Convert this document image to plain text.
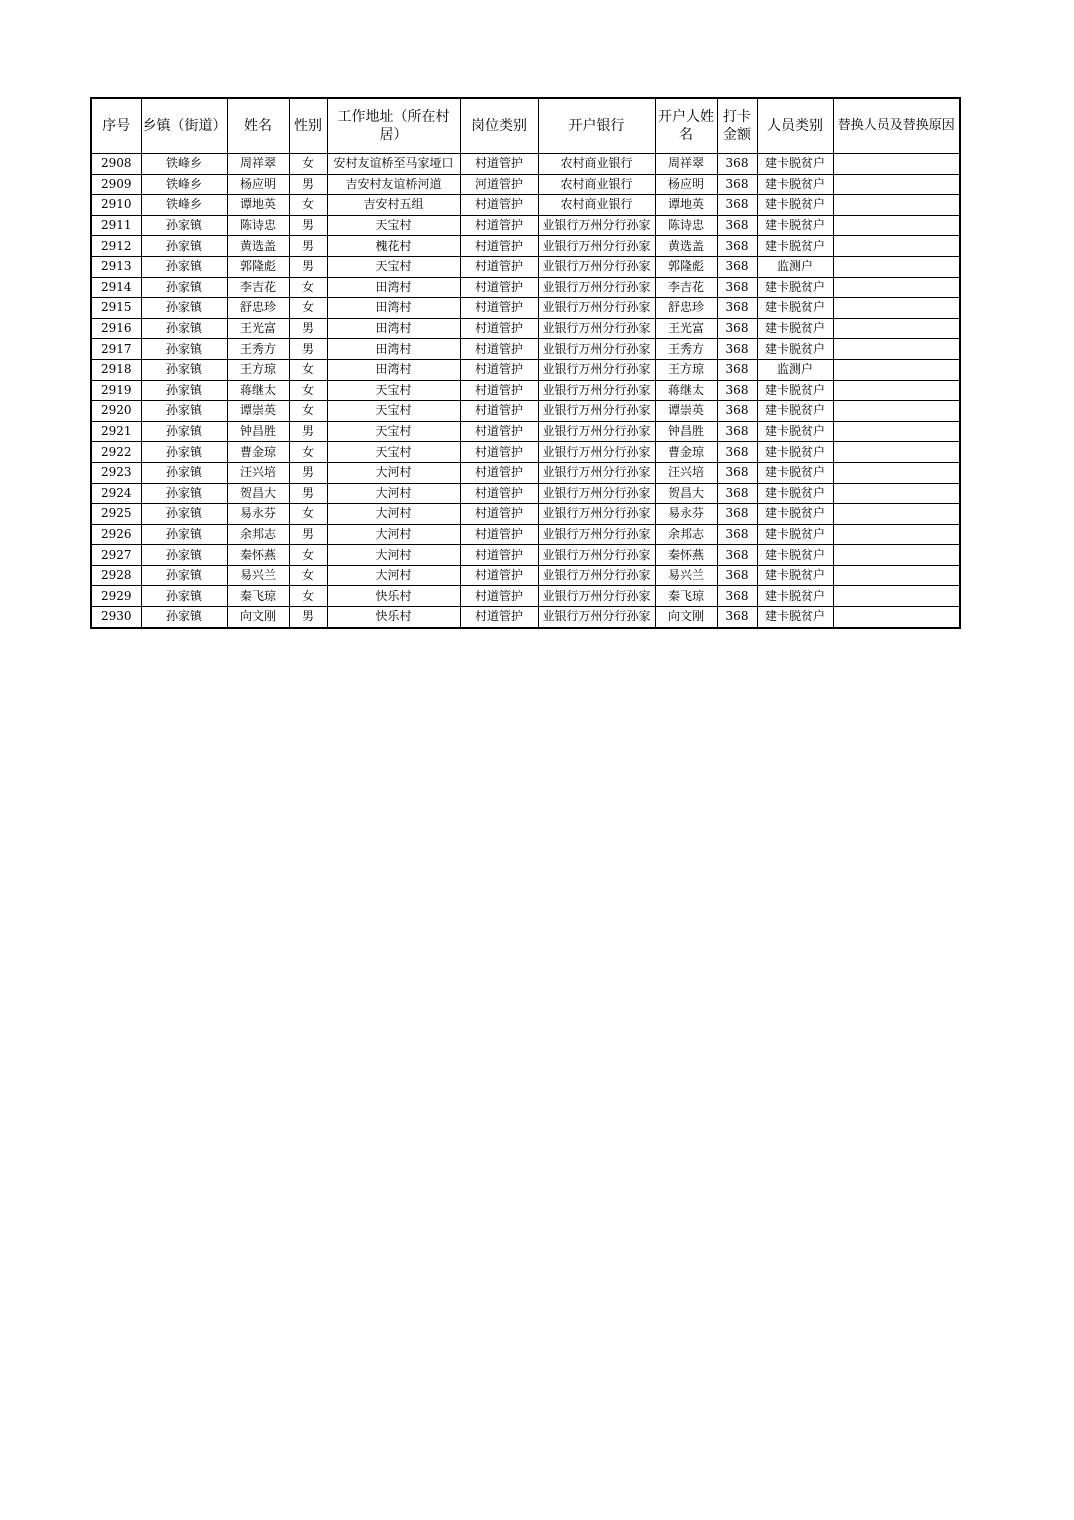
序号	乡镇（街道）	姓名	性别	工作地址（所在村居）	岗位类别	开户银行	开户人姓名	打卡金额	人员类别	替换人员及替换原因
2908	铁峰乡	周祥翠	女	安村友谊桥至马家垭口	村道管护	农村商业银行	周祥翠	368	建卡脱贫户	
2909	铁峰乡	杨应明	男	吉安村友谊桥河道	河道管护	农村商业银行	杨应明	368	建卡脱贫户	
2910	铁峰乡	谭地英	女	吉安村五组	村道管护	农村商业银行	谭地英	368	建卡脱贫户	
2911	孙家镇	陈诗忠	男	天宝村	村道管护	业银行万州分行孙家	陈诗忠	368	建卡脱贫户	
2912	孙家镇	黄选盖	男	槐花村	村道管护	业银行万州分行孙家	黄选盖	368	建卡脱贫户	
2913	孙家镇	郭隆彪	男	天宝村	村道管护	业银行万州分行孙家	郭隆彪	368	监测户	
2914	孙家镇	李吉花	女	田湾村	村道管护	业银行万州分行孙家	李吉花	368	建卡脱贫户	
2915	孙家镇	舒忠珍	女	田湾村	村道管护	业银行万州分行孙家	舒忠珍	368	建卡脱贫户	
2916	孙家镇	王光富	男	田湾村	村道管护	业银行万州分行孙家	王光富	368	建卡脱贫户	
2917	孙家镇	王秀方	男	田湾村	村道管护	业银行万州分行孙家	王秀方	368	建卡脱贫户	
2918	孙家镇	王方琼	女	田湾村	村道管护	业银行万州分行孙家	王方琼	368	监测户	
2919	孙家镇	蒋继太	女	天宝村	村道管护	业银行万州分行孙家	蒋继太	368	建卡脱贫户	
2920	孙家镇	谭崇英	女	天宝村	村道管护	业银行万州分行孙家	谭崇英	368	建卡脱贫户	
2921	孙家镇	钟昌胜	男	天宝村	村道管护	业银行万州分行孙家	钟昌胜	368	建卡脱贫户	
2922	孙家镇	曹金琼	女	天宝村	村道管护	业银行万州分行孙家	曹金琼	368	建卡脱贫户	
2923	孙家镇	汪兴培	男	大河村	村道管护	业银行万州分行孙家	汪兴培	368	建卡脱贫户	
2924	孙家镇	贺昌大	男	大河村	村道管护	业银行万州分行孙家	贺昌大	368	建卡脱贫户	
2925	孙家镇	易永芬	女	大河村	村道管护	业银行万州分行孙家	易永芬	368	建卡脱贫户	
2926	孙家镇	余邦志	男	大河村	村道管护	业银行万州分行孙家	余邦志	368	建卡脱贫户	
2927	孙家镇	秦怀燕	女	大河村	村道管护	业银行万州分行孙家	秦怀燕	368	建卡脱贫户	
2928	孙家镇	易兴兰	女	大河村	村道管护	业银行万州分行孙家	易兴兰	368	建卡脱贫户	
2929	孙家镇	秦飞琼	女	快乐村	村道管护	业银行万州分行孙家	秦飞琼	368	建卡脱贫户	
2930	孙家镇	向文刚	男	快乐村	村道管护	业银行万州分行孙家	向文刚	368	建卡脱贫户	
